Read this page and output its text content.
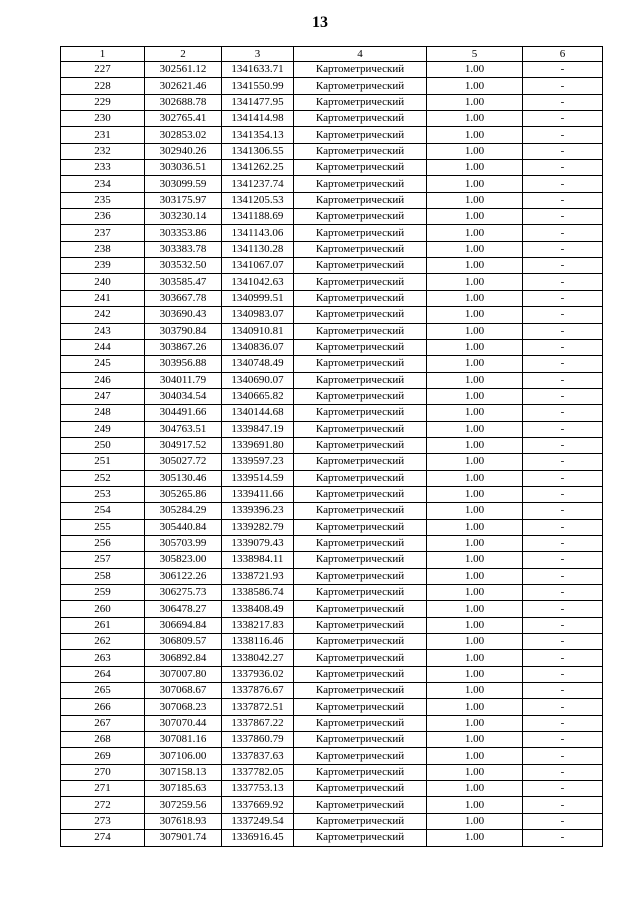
13
1	2	3	4	5	6
227	302561.12	1341633.71	Картометрический	1.00	-
228	302621.46	1341550.99	Картометрический	1.00	-
229	302688.78	1341477.95	Картометрический	1.00	-
230	302765.41	1341414.98	Картометрический	1.00	-
231	302853.02	1341354.13	Картометрический	1.00	-
232	302940.26	1341306.55	Картометрический	1.00	-
233	303036.51	1341262.25	Картометрический	1.00	-
234	303099.59	1341237.74	Картометрический	1.00	-
235	303175.97	1341205.53	Картометрический	1.00	-
236	303230.14	1341188.69	Картометрический	1.00	-
237	303353.86	1341143.06	Картометрический	1.00	-
238	303383.78	1341130.28	Картометрический	1.00	-
239	303532.50	1341067.07	Картометрический	1.00	-
240	303585.47	1341042.63	Картометрический	1.00	-
241	303667.78	1340999.51	Картометрический	1.00	-
242	303690.43	1340983.07	Картометрический	1.00	-
243	303790.84	1340910.81	Картометрический	1.00	-
244	303867.26	1340836.07	Картометрический	1.00	-
245	303956.88	1340748.49	Картометрический	1.00	-
246	304011.79	1340690.07	Картометрический	1.00	-
247	304034.54	1340665.82	Картометрический	1.00	-
248	304491.66	1340144.68	Картометрический	1.00	-
249	304763.51	1339847.19	Картометрический	1.00	-
250	304917.52	1339691.80	Картометрический	1.00	-
251	305027.72	1339597.23	Картометрический	1.00	-
252	305130.46	1339514.59	Картометрический	1.00	-
253	305265.86	1339411.66	Картометрический	1.00	-
254	305284.29	1339396.23	Картометрический	1.00	-
255	305440.84	1339282.79	Картометрический	1.00	-
256	305703.99	1339079.43	Картометрический	1.00	-
257	305823.00	1338984.11	Картометрический	1.00	-
258	306122.26	1338721.93	Картометрический	1.00	-
259	306275.73	1338586.74	Картометрический	1.00	-
260	306478.27	1338408.49	Картометрический	1.00	-
261	306694.84	1338217.83	Картометрический	1.00	-
262	306809.57	1338116.46	Картометрический	1.00	-
263	306892.84	1338042.27	Картометрический	1.00	-
264	307007.80	1337936.02	Картометрический	1.00	-
265	307068.67	1337876.67	Картометрический	1.00	-
266	307068.23	1337872.51	Картометрический	1.00	-
267	307070.44	1337867.22	Картометрический	1.00	-
268	307081.16	1337860.79	Картометрический	1.00	-
269	307106.00	1337837.63	Картометрический	1.00	-
270	307158.13	1337782.05	Картометрический	1.00	-
271	307185.63	1337753.13	Картометрический	1.00	-
272	307259.56	1337669.92	Картометрический	1.00	-
273	307618.93	1337249.54	Картометрический	1.00	-
274	307901.74	1336916.45	Картометрический	1.00	-
